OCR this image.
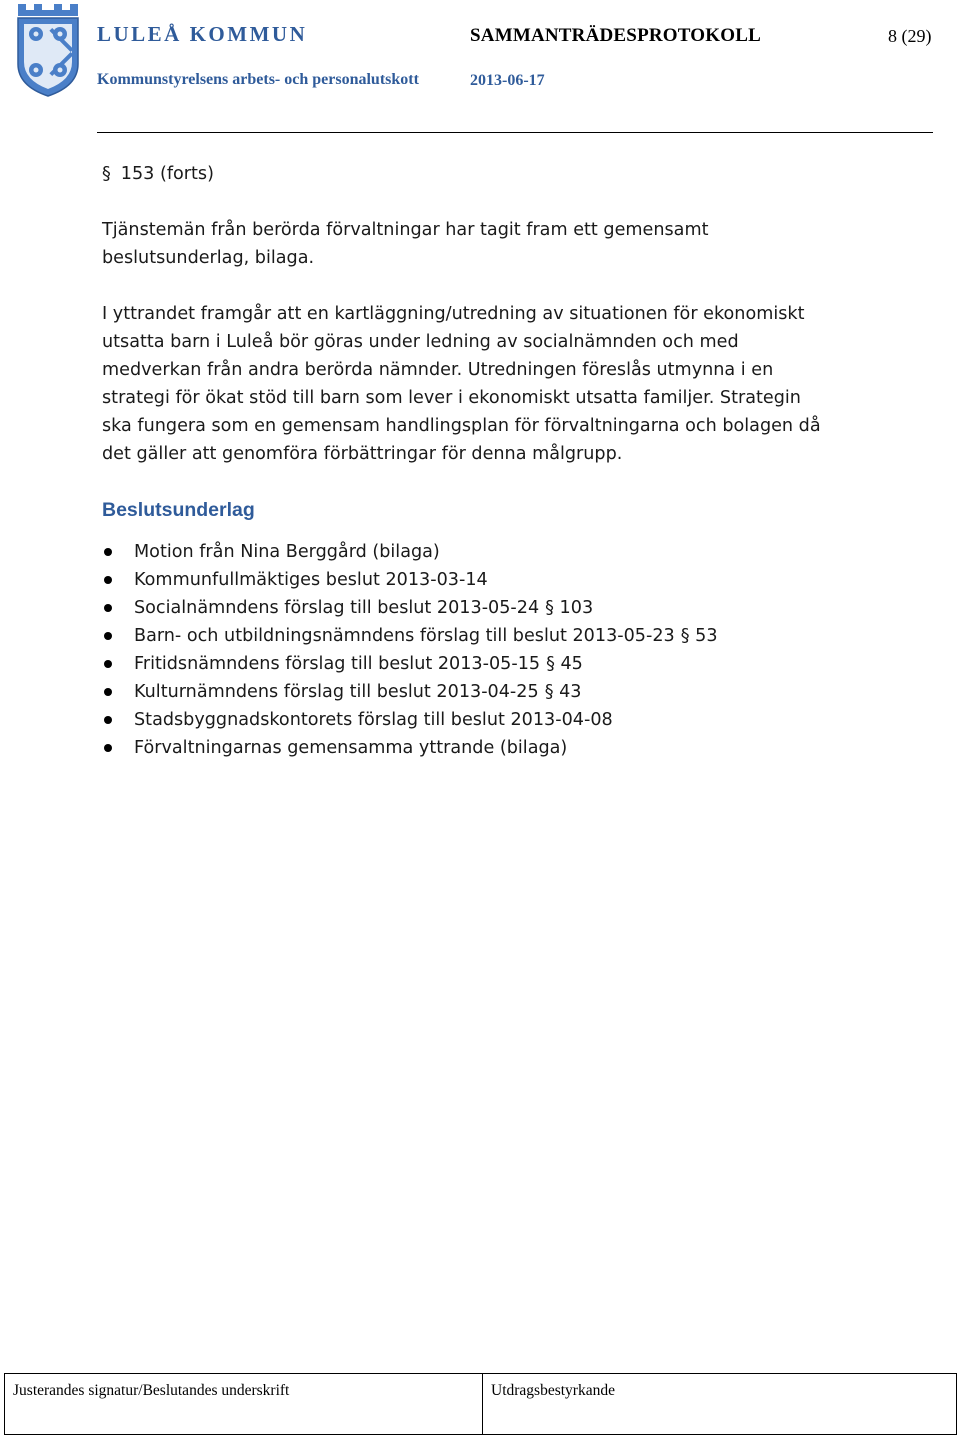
LULEÅ KOMMUN	SAMMANTRÄDESPROTOKOLL	8 (29)
Kommunstyrelsens arbets- och personalutskott	2013-06-17

§ 153 (forts)

Tjänstemän från berörda förvaltningar har tagit fram ett gemensamt beslutsunderlag, bilaga.

I yttrandet framgår att en kartläggning/utredning av situationen för ekonomiskt utsatta barn i Luleå bör göras under ledning av socialnämnden och med medverkan från andra berörda nämnder. Utredningen föreslås utmynna i en strategi för ökat stöd till barn som lever i ekonomiskt utsatta familjer. Strategin ska fungera som en gemensam handlingsplan för förvaltningarna och bolagen då det gäller att genomföra förbättringar för denna målgrupp.

Beslutsunderlag
Motion från Nina Berggård (bilaga)
Kommunfullmäktiges beslut 2013-03-14
Socialnämndens förslag till beslut 2013-05-24 § 103
Barn- och utbildningsnämndens förslag till beslut 2013-05-23 § 53
Fritidsnämndens förslag till beslut 2013-05-15 § 45
Kulturnämndens förslag till beslut 2013-04-25 § 43
Stadsbyggnadskontorets förslag till beslut 2013-04-08
Förvaltningarnas gemensamma yttrande (bilaga)
Justerandes signatur/Beslutandes underskrift	Utdragsbestyrkande
